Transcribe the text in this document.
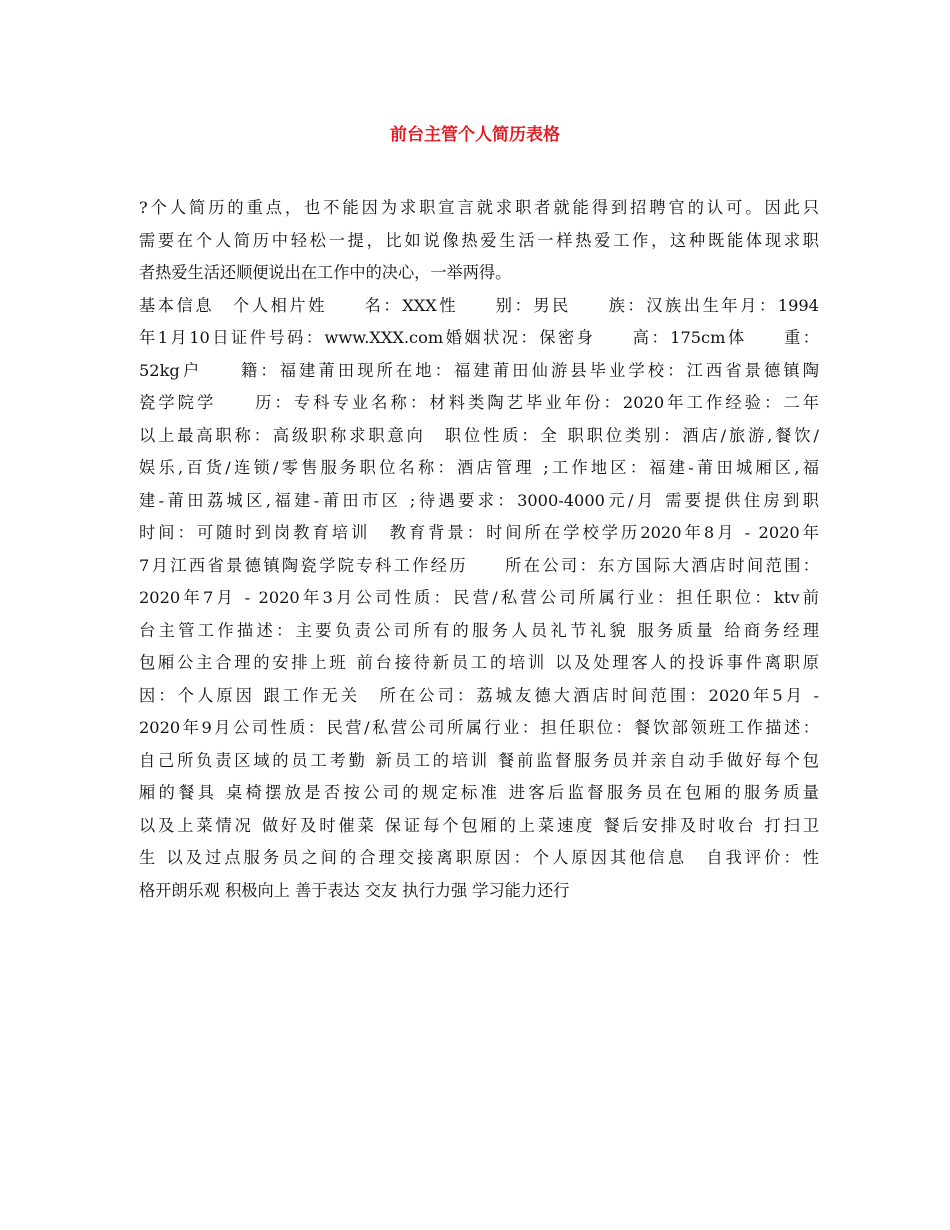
前台主管个人简历表格
?个人简历的重点，也不能因为求职宣言就求职者就能得到招聘官的认可。因此只
需要在个人简历中轻松一提，比如说像热爱生活一样热爱工作，这种既能体现求职
者热爱生活还顺便说出在工作中的决心，一举两得。
基本信息　个人相片姓　　名：XXX性　　别：男民　　族：汉族出生年月：1994
年1月10日证件号码：www.XXX.com婚姻状况：保密身　　高：175cm体　　重：
52kg户　　籍：福建莆田现所在地：福建莆田仙游县毕业学校：江西省景德镇陶
瓷学院学　　历：专科专业名称：材料类陶艺毕业年份：2020年工作经验：二年
以上最高职称：高级职称求职意向　职位性质：全 职职位类别：酒店/旅游,餐饮/
娱乐,百货/连锁/零售服务职位名称：酒店管理 ;工作地区：福建-莆田城厢区,福
建-莆田荔城区,福建-莆田市区 ;待遇要求：3000-4000元/月 需要提供住房到职
时间：可随时到岗教育培训　教育背景：时间所在学校学历2020年8月 - 2020年
7月江西省景德镇陶瓷学院专科工作经历　　所在公司：东方国际大酒店时间范围：
2020年7月 - 2020年3月公司性质：民营/私营公司所属行业：担任职位：ktv前
台主管工作描述：主要负责公司所有的服务人员礼节礼貌 服务质量 给商务经理
包厢公主合理的安排上班 前台接待新员工的培训 以及处理客人的投诉事件离职原
因：个人原因 跟工作无关　所在公司：荔城友德大酒店时间范围：2020年5月 -
2020年9月公司性质：民营/私营公司所属行业：担任职位：餐饮部领班工作描述：
自己所负责区域的员工考勤 新员工的培训 餐前监督服务员并亲自动手做好每个包
厢的餐具 桌椅摆放是否按公司的规定标准 进客后监督服务员在包厢的服务质量
以及上菜情况 做好及时催菜 保证每个包厢的上菜速度 餐后安排及时收台 打扫卫
生 以及过点服务员之间的合理交接离职原因：个人原因其他信息　自我评价：性
格开朗乐观 积极向上 善于表达 交友 执行力强 学习能力还行
